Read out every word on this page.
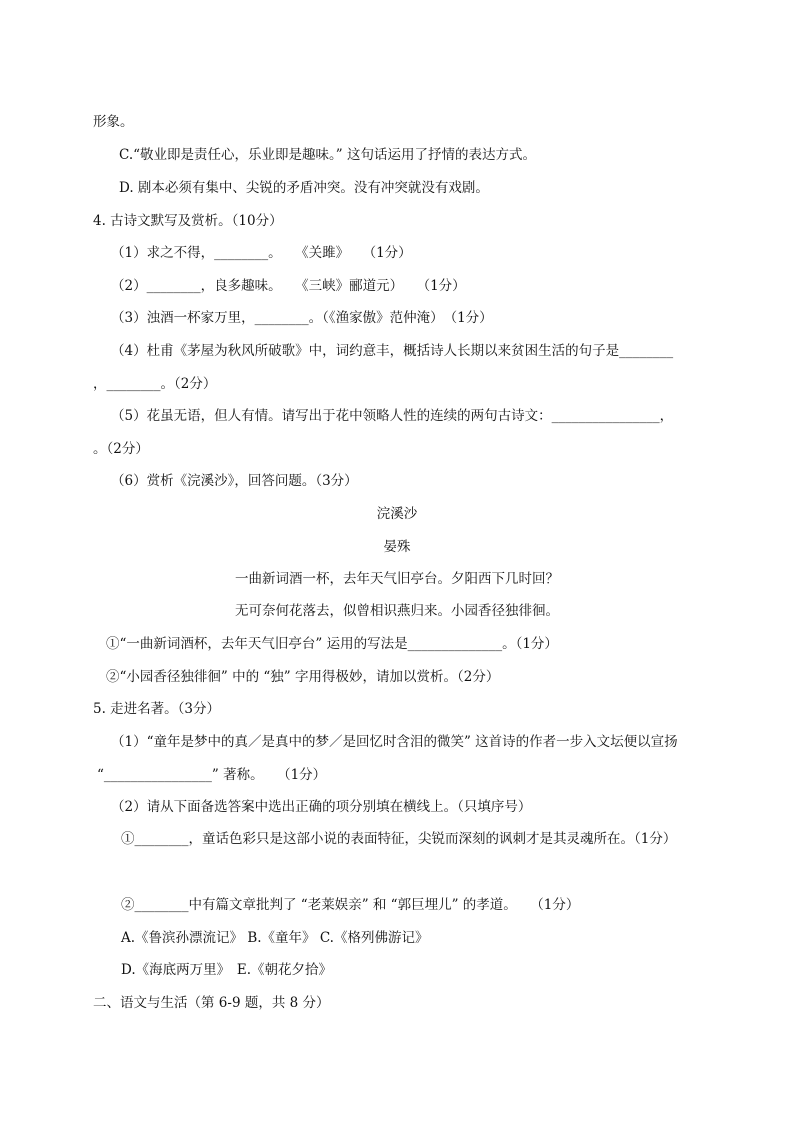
形象。
C.“敬业即是责任心，乐业即是趣味。” 这句话运用了抒情的表达方式。
D. 剧本必须有集中、尖锐的矛盾冲突。没有冲突就没有戏剧。
4. 古诗文默写及赏析。（10分）
（1）求之不得，________。　　《关雎》　　（1分）
（2）________，良多趣味。　　《三峡》郦道元）　　（1分）
（3）浊酒一杯家万里，________。（《渔家傲》范仲淹）　（1分）
（4）杜甫《茅屋为秋风所破歌》中，词约意丰，概括诗人长期以来贫困生活的句子是________
，________。（2分）
（5）花虽无语，但人有情。请写出于花中领略人性的连续的两句古诗文：________________，
。（2分）
（6）赏析《浣溪沙》，回答问题。（3分）
浣溪沙
晏殊
一曲新词酒一杯，去年天气旧亭台。夕阳西下几时回？
无可奈何花落去，似曾相识燕归来。小园香径独徘徊。
①“一曲新词酒杯，去年天气旧亭台” 运用的写法是______________。（1分）
②“小园香径独徘徊” 中的 “独” 字用得极妙，请加以赏析。（2分）
5. 走进名著。（3分）
（1）“童年是梦中的真／是真中的梦／是回忆时含泪的微笑” 这首诗的作者一步入文坛便以宣扬
“________________” 著称。　　（1分）
（2）请从下面备选答案中选出正确的项分别填在横线上。（只填序号）
①________，童话色彩只是这部小说的表面特征，尖锐而深刻的讽刺才是其灵魂所在。（1分）
②________中有篇文章批判了 “老莱娱亲” 和 “郭巨埋儿” 的孝道。　　（1分）
A.《鲁滨孙漂流记》 B.《童年》 C.《格列佛游记》
D.《海底两万里》　E.《朝花夕拾》
二、语文与生活（第 6-9 题，共 8 分）
